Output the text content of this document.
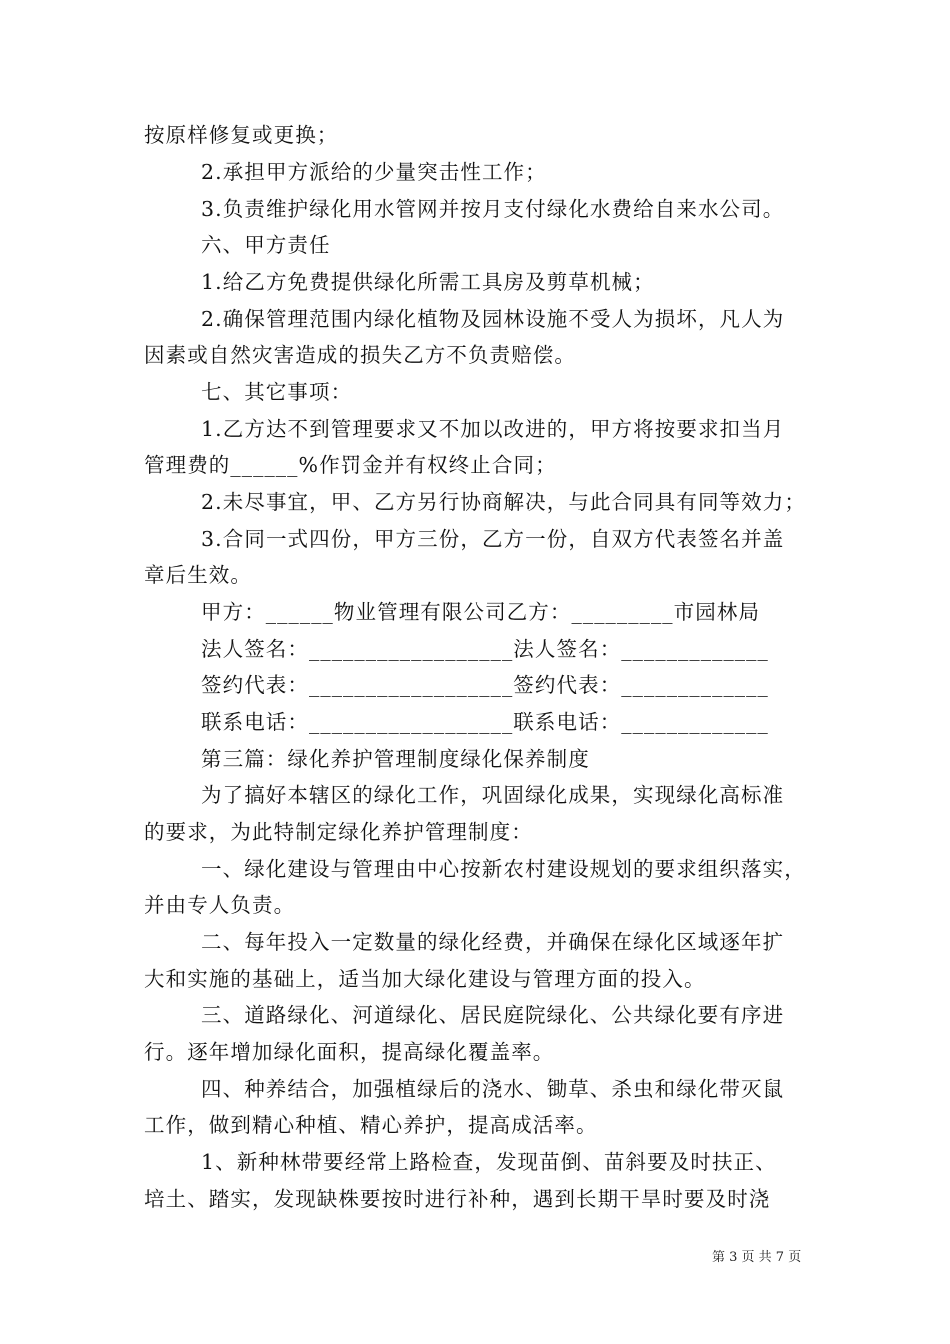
按原样修复或更换；
2.承担甲方派给的少量突击性工作；
3.负责维护绿化用水管网并按月支付绿化水费给自来水公司。
六、甲方责任
1.给乙方免费提供绿化所需工具房及剪草机械；
2.确保管理范围内绿化植物及园林设施不受人为损坏，凡人为
因素或自然灾害造成的损失乙方不负责赔偿。
七、其它事项：
1.乙方达不到管理要求又不加以改进的，甲方将按要求扣当月
管理费的______%作罚金并有权终止合同；
2.未尽事宜，甲、乙方另行协商解决，与此合同具有同等效力；
3.合同一式四份，甲方三份，乙方一份，自双方代表签名并盖
章后生效。
甲方：______物业管理有限公司乙方：_________市园林局
法人签名：__________________法人签名：_____________
签约代表：__________________签约代表：_____________
联系电话：__________________联系电话：_____________
第三篇：绿化养护管理制度绿化保养制度
为了搞好本辖区的绿化工作，巩固绿化成果，实现绿化高标准
的要求，为此特制定绿化养护管理制度：
一、绿化建设与管理由中心按新农村建设规划的要求组织落实，
并由专人负责。
二、每年投入一定数量的绿化经费，并确保在绿化区域逐年扩
大和实施的基础上，适当加大绿化建设与管理方面的投入。
三、道路绿化、河道绿化、居民庭院绿化、公共绿化要有序进
行。逐年增加绿化面积，提高绿化覆盖率。
四、种养结合，加强植绿后的浇水、锄草、杀虫和绿化带灭鼠
工作，做到精心种植、精心养护，提高成活率。
1、新种林带要经常上路检查，发现苗倒、苗斜要及时扶正、
培土、踏实，发现缺株要按时进行补种，遇到长期干旱时要及时浇
第 3 页 共 7 页
